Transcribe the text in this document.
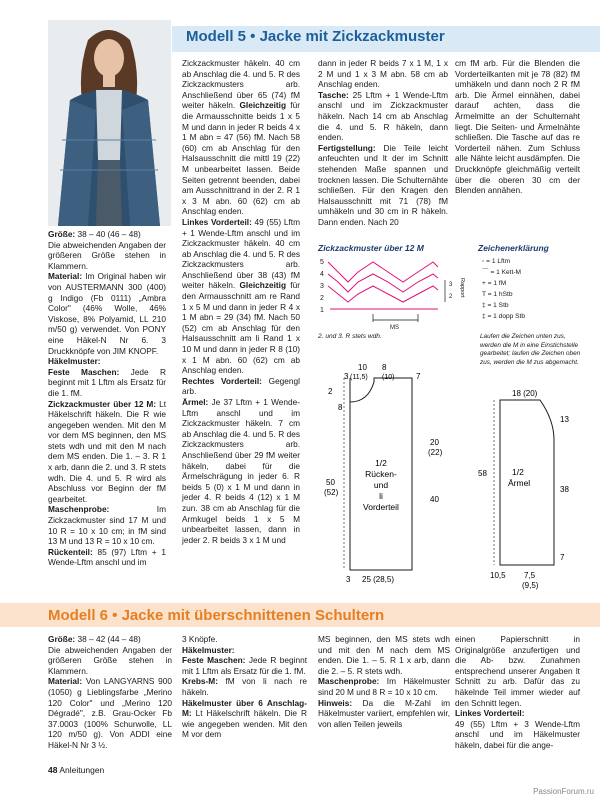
Modell 5 • Jacke mit Zickzackmuster

Größe: 38 – 40 (46 – 48)

Die abweichenden Angaben der größeren Größe stehen in Klammern.

Material: Im Original haben wir von AUSTERMANN 300 (400) g Indigo (Fb 0111) „Ambra Color" (46% Wolle, 46% Viskose, 8% Polyamid, LL 210 m/50 g) verwendet. Von PONY eine Häkel-N Nr 6. 3 Druckknöpfe von JIM KNOPF.

Häkelmuster:

Feste Maschen: Jede R beginnt mit 1 Lftm als Ersatz für die 1. fM.

Zickzackmuster über 12 M: Lt Häkelschrift häkeln. Die R wie angegeben wenden. Mit den M vor dem MS beginnen, den MS stets wdh und mit den M nach dem MS enden. Die 1. – 3. R 1 x arb, dann die 2. und 3. R stets wdh. Die 4. und 5. R wird als Abschluss vor Beginn der fM gearbeitet.

Maschenprobe: Im Zickzackmuster sind 17 M und 10 R = 10 x 10 cm; in fM sind 13 M und 13 R = 10 x 10 cm.

Rückenteil: 85 (97) Lftm + 1 Wende-Lftm anschl und im

Zickzackmuster häkeln. 40 cm ab Anschlag die 4. und 5. R des Zickzackmusters arb. Anschließend über 65 (74) fM weiter häkeln. Gleichzeitig für die Armausschnitte beids 1 x 5 M und dann in jeder R beids 4 x 1 M abn = 47 (56) fM. Nach 58 (60) cm ab Anschlag für den Halsausschnitt die mittl 19 (22) M unbearbeitet lassen. Beide Seiten getrennt beenden, dabei am Ausschnittrand in der 2. R 1 x 3 M abn. 60 (62) cm ab Anschlag enden.

Linkes Vorderteil: 49 (55) Lftm + 1 Wende-Lftm anschl und im Zickzackmuster häkeln. 40 cm ab Anschlag die 4. und 5. R des Zickzackmusters arb. Anschließend über 38 (43) fM weiter häkeln. Gleichzeitig für den Armausschnitt am re Rand 1 x 5 M und dann in jeder R 4 x 1 M abn = 29 (34) fM. Nach 50 (52) cm ab Anschlag für den Halsausschnitt am li Rand 1 x 10 M und dann in jeder R 8 (10) x 1 M abn. 60 (62) cm ab Anschlag enden.

Rechtes Vorderteil: Gegengl arb.

Ärmel: Je 37 Lftm + 1 Wende-Lftm anschl und im Zickzackmuster häkeln. 7 cm ab Anschlag die 4. und 5. R des Zickzackmusters arb. Anschließend über 29 fM weiter häkeln, dabei für die Ärmelschrägung in jeder 6. R beids 5 (0) x 1 M und dann in jeder 4. R beids 4 (12) x 1 M zun. 38 cm ab Anschlag für die Armkugel beids 1 x 5 M unbearbeitet lassen, dann in jeder 2. R beids 3 x 1 M und

dann in jeder R beids 7 x 1 M, 1 x 2 M und 1 x 3 M abn. 58 cm ab Anschlag enden.

Tasche: 25 Lftm + 1 Wende-Lftm anschl und im Zickzackmuster häkeln. Nach 14 cm ab Anschlag die 4. und 5. R häkeln, dann enden.

Fertigstellung: Die Teile leicht anfeuchten und lt der im Schnitt stehenden Maße spannen und trocknen lassen. Die Schulternähte schließen. Für den Kragen den Halsausschnitt mit 71 (78) fM umhäkeln und 30 cm in R häkeln. Dann enden. Nach 20

cm fM arb. Für die Blenden die Vorderteilkanten mit je 78 (82) fM umhäkeln und dann noch 2 R fM arb. Die Ärmel einnähen, dabei darauf achten, dass die Ärmelmitte an der Schulternaht liegt. Die Seiten- und Ärmelnähte schließen. Die Tasche auf das re Vorderteil nähen. Zum Schluss alle Nähte leicht ausdämpfen. Die Druckknöpfe gleichmäßig verteilt über die oberen 30 cm der Blenden annähen.

Zickzackmuster über 12 M
5
4
3
2
1
MS
3
2 Rapport
2. und 3. R stets wdh.
Zeichenerklärung
◦ = 1 Lftm
⌒ = 1 Kett-M
+ = 1 fM
T = 1 hStb
‡ = 1 Stb
‡ = 1 dopp Stb
Laufen die Zeichen unten zus, werden die M in eine Einstichstelle gearbeitet; laufen die Zeichen oben zus, werden die M zus abgemacht.
10 8
(11,5) (10)
3
2
8
7
20
(22)
40
50
(52)
1/2
Rücken-
und
li
Vorderteil
3 25 (28,5)
18 (20)
13
38
7
58	1/2
Ärmel
10,5 7,5
(9,5)
Modell 6 • Jacke mit überschnittenen Schultern

Größe: 38 – 42 (44 – 48)

Die abweichenden Angaben der größeren Größe stehen in Klammern.

Material: Von LANGYARNS 900 (1050) g Lieblingsfarbe „Merino 120 Color" und „Merino 120 Dégradé", z.B. Grau-Ocker Fb 37.0003 (100% Schurwolle, LL 120 m/50 g). Von ADDI eine Häkel-N Nr 3 ½.

3 Knöpfe.

Häkelmuster:

Feste Maschen: Jede R beginnt mit 1 Lftm als Ersatz für die 1. fM.

Krebs-M: fM von li nach re häkeln.

Häkelmuster über 6 Anschlag-M: Lt Häkelschrift häkeln. Die R wie angegeben wenden. Mit den M vor dem

MS beginnen, den MS stets wdh und mit den M nach dem MS enden. Die 1. – 5. R 1 x arb, dann die 2. – 5. R stets wdh.

Maschenprobe: Im Häkelmuster sind 20 M und 8 R = 10 x 10 cm.

Hinweis: Da die M-Zahl im Häkelmuster variiert, empfehlen wir, von allen Teilen jeweils

einen Papierschnitt in Originalgröße anzufertigen und die Ab- bzw. Zunahmen entsprechend unserer Angaben lt Schnitt zu arb. Dafür das zu häkelnde Teil immer wieder auf den Schnitt legen.

Linkes Vorderteil:

49 (55) Lftm + 3 Wende-Lftm anschl und im Häkelmuster häkeln, dabei für die ange-

48 Anleitungen
PassionForum.ru
